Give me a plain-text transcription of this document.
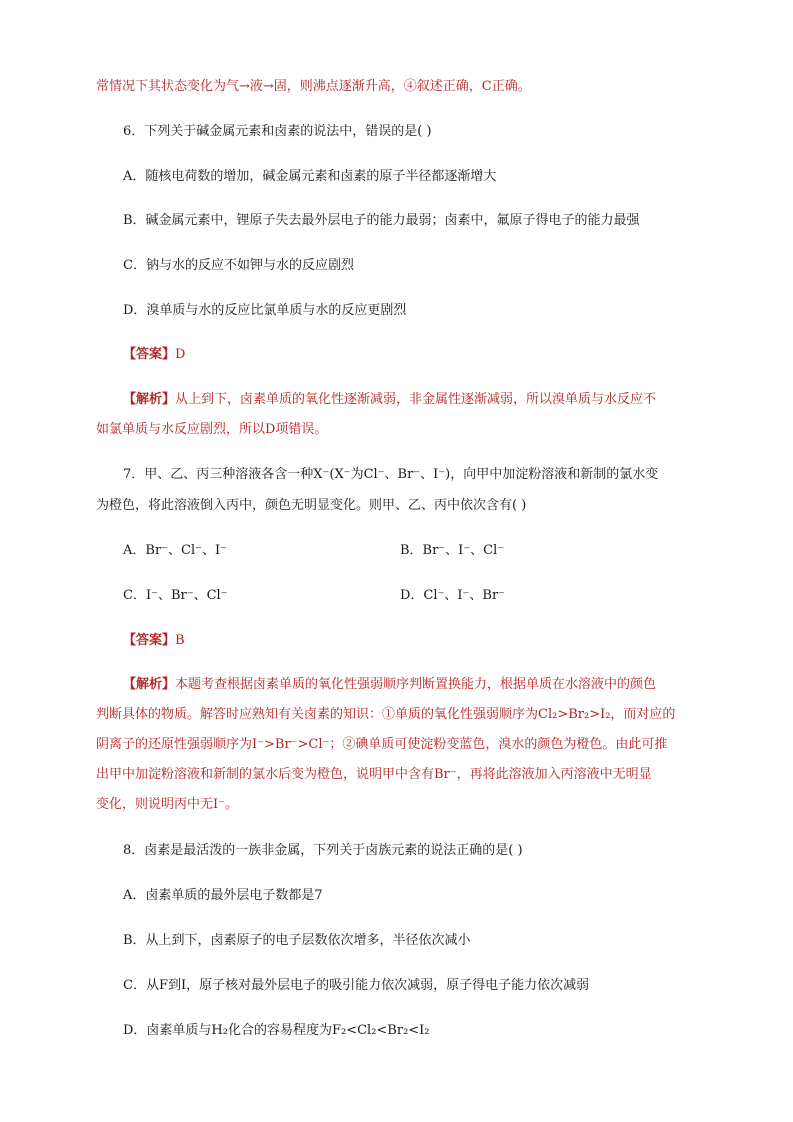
常情况下其状态变化为气→液→固，则沸点逐渐升高，④叙述正确，C正确。
6．下列关于碱金属元素和卤素的说法中，错误的是( )
A．随核电荷数的增加，碱金属元素和卤素的原子半径都逐渐增大
B．碱金属元素中，锂原子失去最外层电子的能力最弱；卤素中，氟原子得电子的能力最强
C．钠与水的反应不如钾与水的反应剧烈
D．溴单质与水的反应比氯单质与水的反应更剧烈
【答案】D
【解析】从上到下，卤素单质的氧化性逐渐减弱，非金属性逐渐减弱，所以溴单质与水反应不
如氯单质与水反应剧烈，所以D项错误。
7．甲、乙、丙三种溶液各含一种X⁻(X⁻为Cl⁻、Br⁻、I⁻)，向甲中加淀粉溶液和新制的氯水变
为橙色，将此溶液倒入丙中，颜色无明显变化。则甲、乙、丙中依次含有( )
A．Br⁻、Cl⁻、I⁻	B．Br⁻、I⁻、Cl⁻
C．I⁻、Br⁻、Cl⁻	D．Cl⁻、I⁻、Br⁻
【答案】B
【解析】本题考查根据卤素单质的氧化性强弱顺序判断置换能力，根据单质在水溶液中的颜色
判断具体的物质。解答时应熟知有关卤素的知识：①单质的氧化性强弱顺序为Cl₂>Br₂>I₂，而对应的
阴离子的还原性强弱顺序为I⁻>Br⁻>Cl⁻；②碘单质可使淀粉变蓝色，溴水的颜色为橙色。由此可推
出甲中加淀粉溶液和新制的氯水后变为橙色，说明甲中含有Br⁻，再将此溶液加入丙溶液中无明显
变化，则说明丙中无I⁻。
8．卤素是最活泼的一族非金属，下列关于卤族元素的说法正确的是( )
A．卤素单质的最外层电子数都是7
B．从上到下，卤素原子的电子层数依次增多，半径依次减小
C．从F到I，原子核对最外层电子的吸引能力依次减弱，原子得电子能力依次减弱
D．卤素单质与H₂化合的容易程度为F₂<Cl₂<Br₂<I₂
